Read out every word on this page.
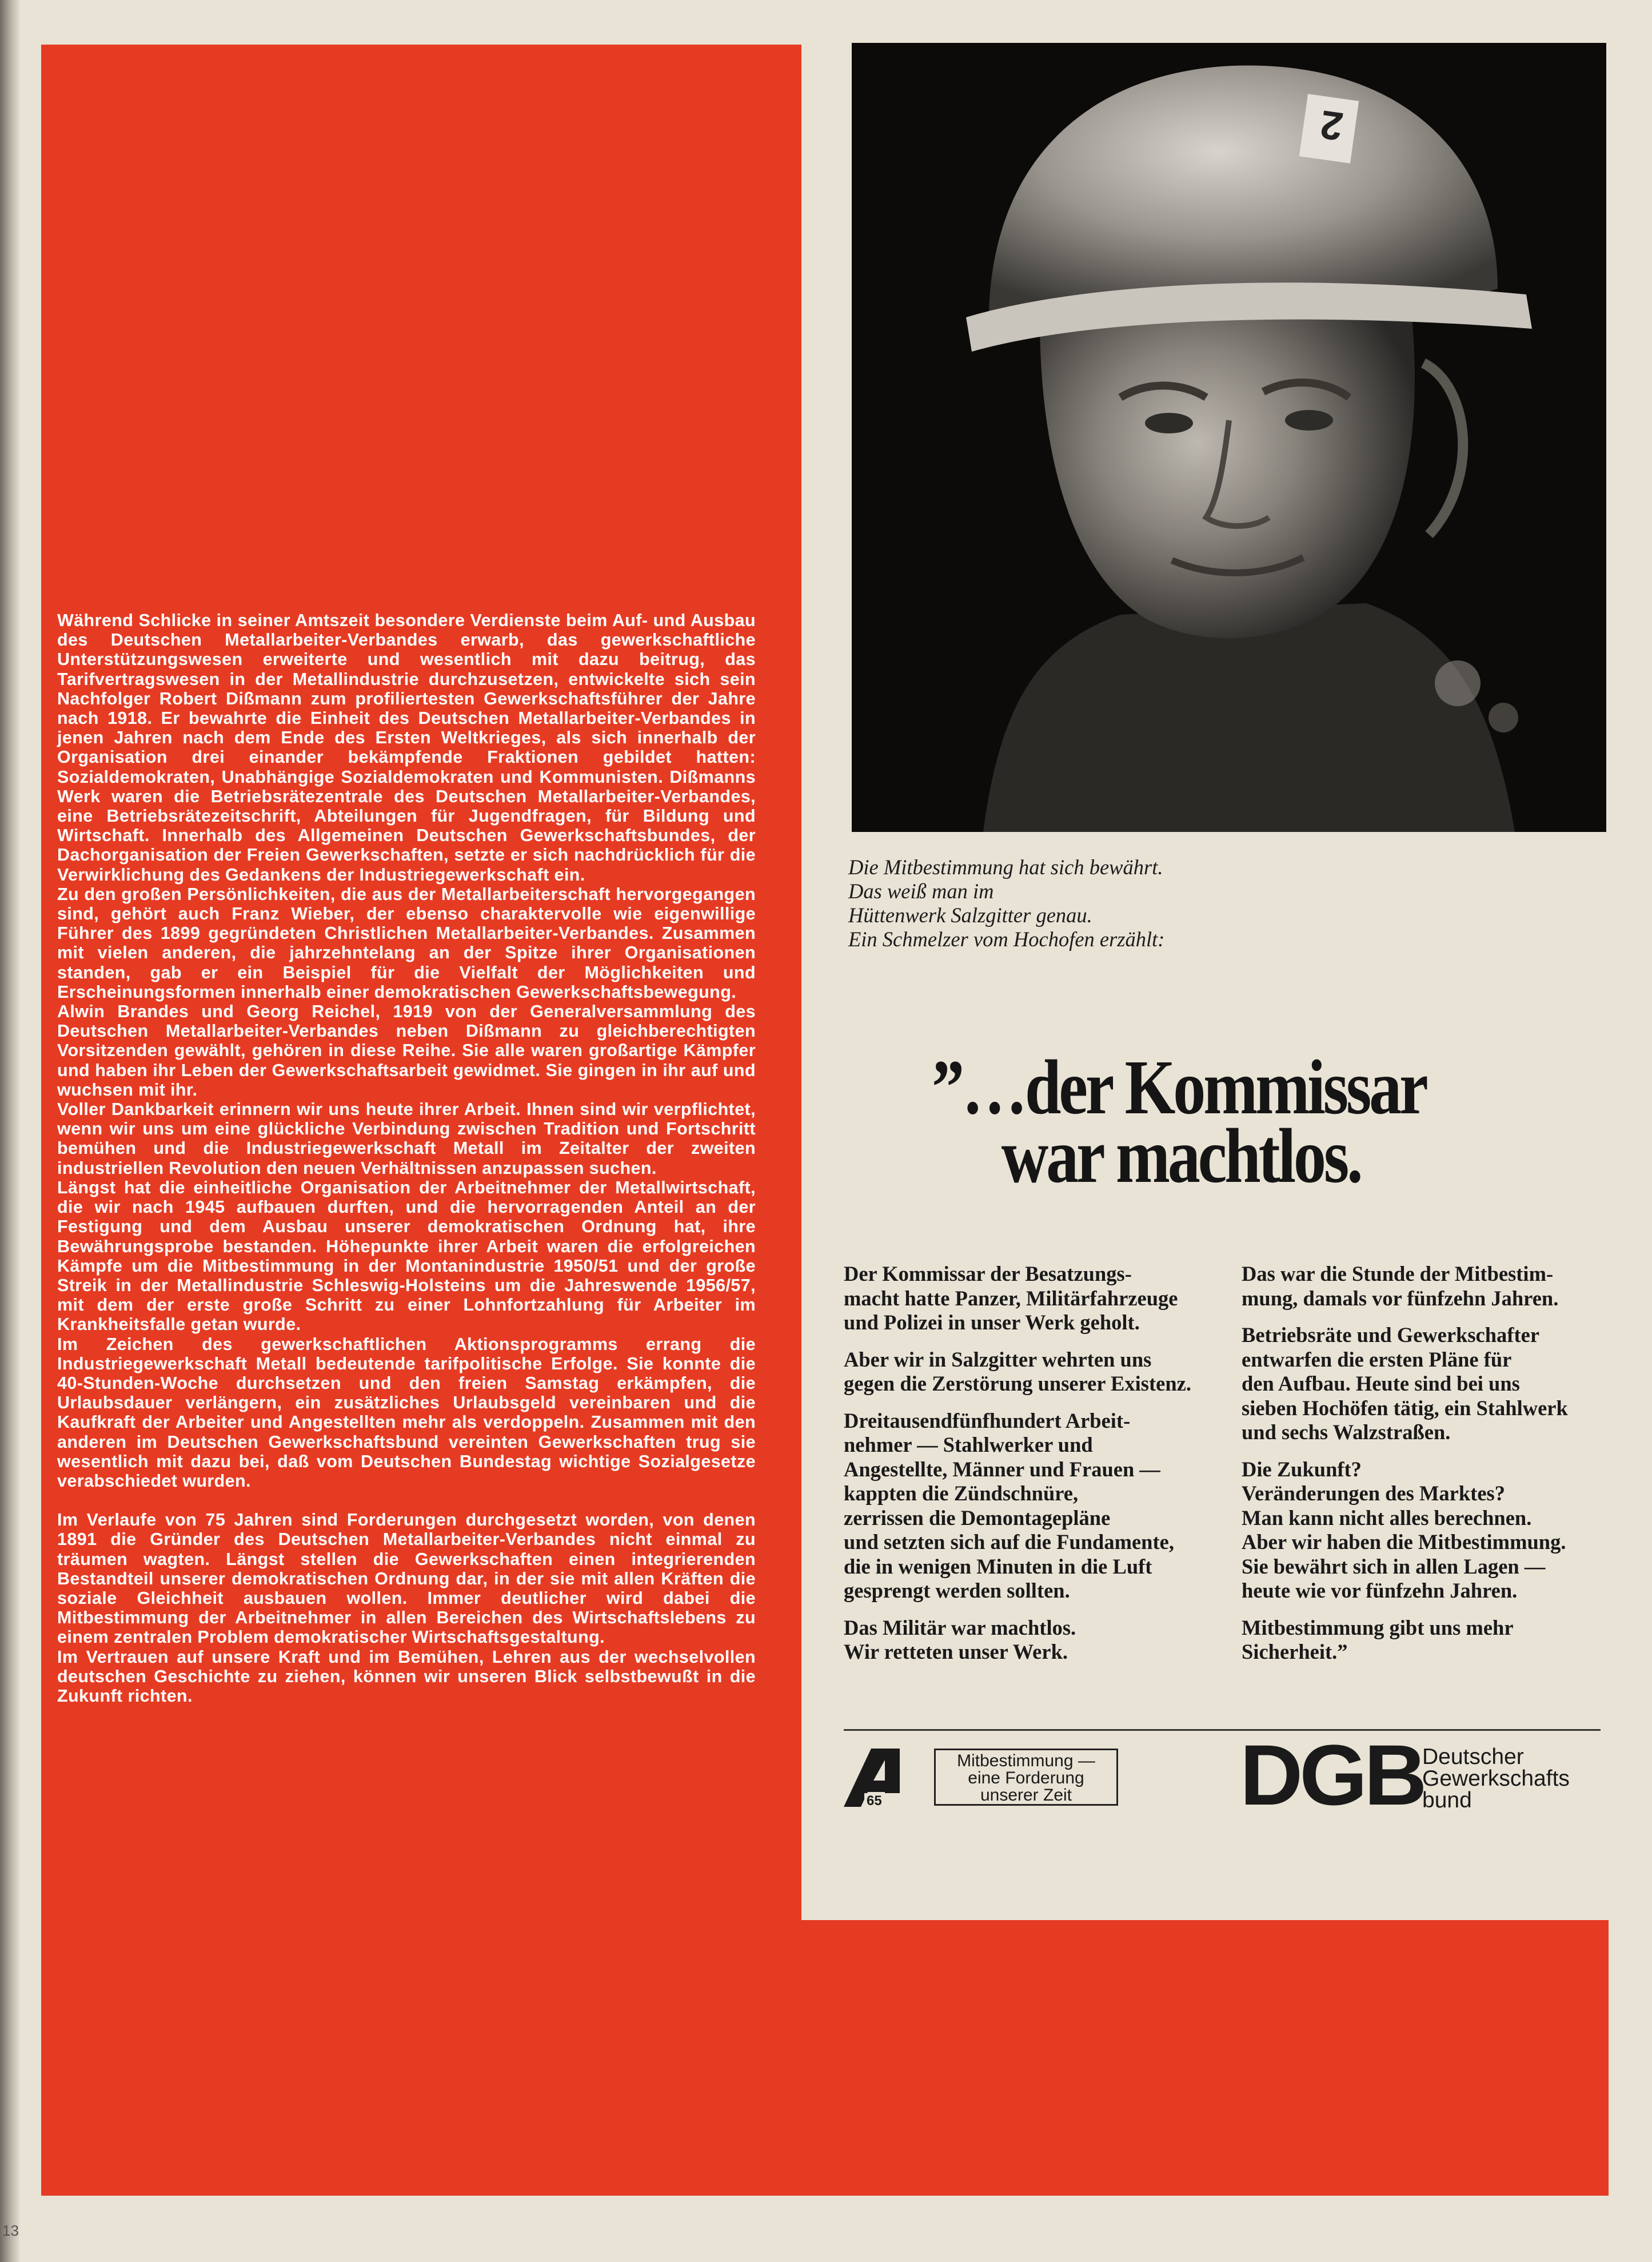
Während Schlicke in seiner Amtszeit besondere Verdienste beim Auf- und Ausbau des Deutschen Metallarbeiter-Verbandes erwarb, das gewerkschaftliche Unterstützungswesen erweiterte und wesentlich mit dazu beitrug, das Tarifvertragswesen in der Metallindustrie durchzusetzen, entwickelte sich sein Nachfolger Robert Dißmann zum profiliertesten Gewerkschaftsführer der Jahre nach 1918. Er bewahrte die Einheit des Deutschen Metallarbeiter-Verbandes in jenen Jahren nach dem Ende des Ersten Weltkrieges, als sich innerhalb der Organisation drei einander bekämpfende Fraktionen gebildet hatten: Sozialdemokraten, Unabhängige Sozialdemokraten und Kommunisten. Dißmanns Werk waren die Betriebsrätezentrale des Deutschen Metallarbeiter-Verbandes, eine Betriebsrätezeitschrift, Abteilungen für Jugendfragen, für Bildung und Wirtschaft. Innerhalb des Allgemeinen Deutschen Gewerkschaftsbundes, der Dachorganisation der Freien Gewerkschaften, setzte er sich nachdrücklich für die Verwirklichung des Gedankens der Industriegewerkschaft ein.

Zu den großen Persönlichkeiten, die aus der Metallarbeiterschaft hervorgegangen sind, gehört auch Franz Wieber, der ebenso charaktervolle wie eigenwillige Führer des 1899 gegründeten Christlichen Metallarbeiter-Verbandes. Zusammen mit vielen anderen, die jahrzehntelang an der Spitze ihrer Organisationen standen, gab er ein Beispiel für die Vielfalt der Möglichkeiten und Erscheinungsformen innerhalb einer demokratischen Gewerkschaftsbewegung.

Alwin Brandes und Georg Reichel, 1919 von der Generalversammlung des Deutschen Metallarbeiter-Verbandes neben Dißmann zu gleichberechtigten Vorsitzenden gewählt, gehören in diese Reihe. Sie alle waren großartige Kämpfer und haben ihr Leben der Gewerkschaftsarbeit gewidmet. Sie gingen in ihr auf und wuchsen mit ihr.

Voller Dankbarkeit erinnern wir uns heute ihrer Arbeit. Ihnen sind wir verpflichtet, wenn wir uns um eine glückliche Verbindung zwischen Tradition und Fortschritt bemühen und die Industriegewerkschaft Metall im Zeitalter der zweiten industriellen Revolution den neuen Verhältnissen anzupassen suchen.

Längst hat die einheitliche Organisation der Arbeitnehmer der Metallwirtschaft, die wir nach 1945 aufbauen durften, und die hervorragenden Anteil an der Festigung und dem Ausbau unserer demokratischen Ordnung hat, ihre Bewährungsprobe bestanden. Höhepunkte ihrer Arbeit waren die erfolgreichen Kämpfe um die Mitbestimmung in der Montanindustrie 1950/51 und der große Streik in der Metallindustrie Schleswig-Holsteins um die Jahreswende 1956/57, mit dem der erste große Schritt zu einer Lohnfortzahlung für Arbeiter im Krankheitsfalle getan wurde.

Im Zeichen des gewerkschaftlichen Aktionsprogramms errang die Industriegewerkschaft Metall bedeutende tarifpolitische Erfolge. Sie konnte die 40-Stunden-Woche durchsetzen und den freien Samstag erkämpfen, die Urlaubsdauer verlängern, ein zusätzliches Urlaubsgeld vereinbaren und die Kaufkraft der Arbeiter und Angestellten mehr als verdoppeln. Zusammen mit den anderen im Deutschen Gewerkschaftsbund vereinten Gewerkschaften trug sie wesentlich mit dazu bei, daß vom Deutschen Bundestag wichtige Sozialgesetze verabschiedet wurden.

Im Verlaufe von 75 Jahren sind Forderungen durchgesetzt worden, von denen 1891 die Gründer des Deutschen Metallarbeiter-Verbandes nicht einmal zu träumen wagten. Längst stellen die Gewerkschaften einen integrierenden Bestandteil unserer demokratischen Ordnung dar, in der sie mit allen Kräften die soziale Gleichheit ausbauen wollen. Immer deutlicher wird dabei die Mitbestimmung der Arbeitnehmer in allen Bereichen des Wirtschaftslebens zu einem zentralen Problem demokratischer Wirtschaftsgestaltung.

Im Vertrauen auf unsere Kraft und im Bemühen, Lehren aus der wechselvollen deutschen Geschichte zu ziehen, können wir unseren Blick selbstbewußt in die Zukunft richten.

2
Die Mitbestimmung hat sich bewährt.
Das weiß man im
Hüttenwerk Salzgitter genau.
Ein Schmelzer vom Hochofen erzählt:
”…der Kommissar
war machtlos.

Der Kommissar der Besatzungs-
macht hatte Panzer, Militärfahrzeuge
und Polizei in unser Werk geholt.

Aber wir in Salzgitter wehrten uns
gegen die Zerstörung unserer Existenz.

Dreitausendfünfhundert Arbeit-
nehmer — Stahlwerker und
Angestellte, Männer und Frauen —
kappten die Zündschnüre,
zerrissen die Demontagepläne
und setzten sich auf die Fundamente,
die in wenigen Minuten in die Luft
gesprengt werden sollten.

Das Militär war machtlos.
Wir retteten unser Werk.

Das war die Stunde der Mitbestim-
mung, damals vor fünfzehn Jahren.

Betriebsräte und Gewerkschafter
entwarfen die ersten Pläne für
den Aufbau. Heute sind bei uns
sieben Hochöfen tätig, ein Stahlwerk
und sechs Walzstraßen.

Die Zukunft?
Veränderungen des Marktes?
Man kann nicht alles berechnen.
Aber wir haben die Mitbestimmung.
Sie bewährt sich in allen Lagen —
heute wie vor fünfzehn Jahren.

Mitbestimmung gibt uns mehr
Sicherheit.”

65
Mitbestimmung —
eine Forderung
unserer Zeit	DGB
Deutscher
Gewerkschafts
bund
13
